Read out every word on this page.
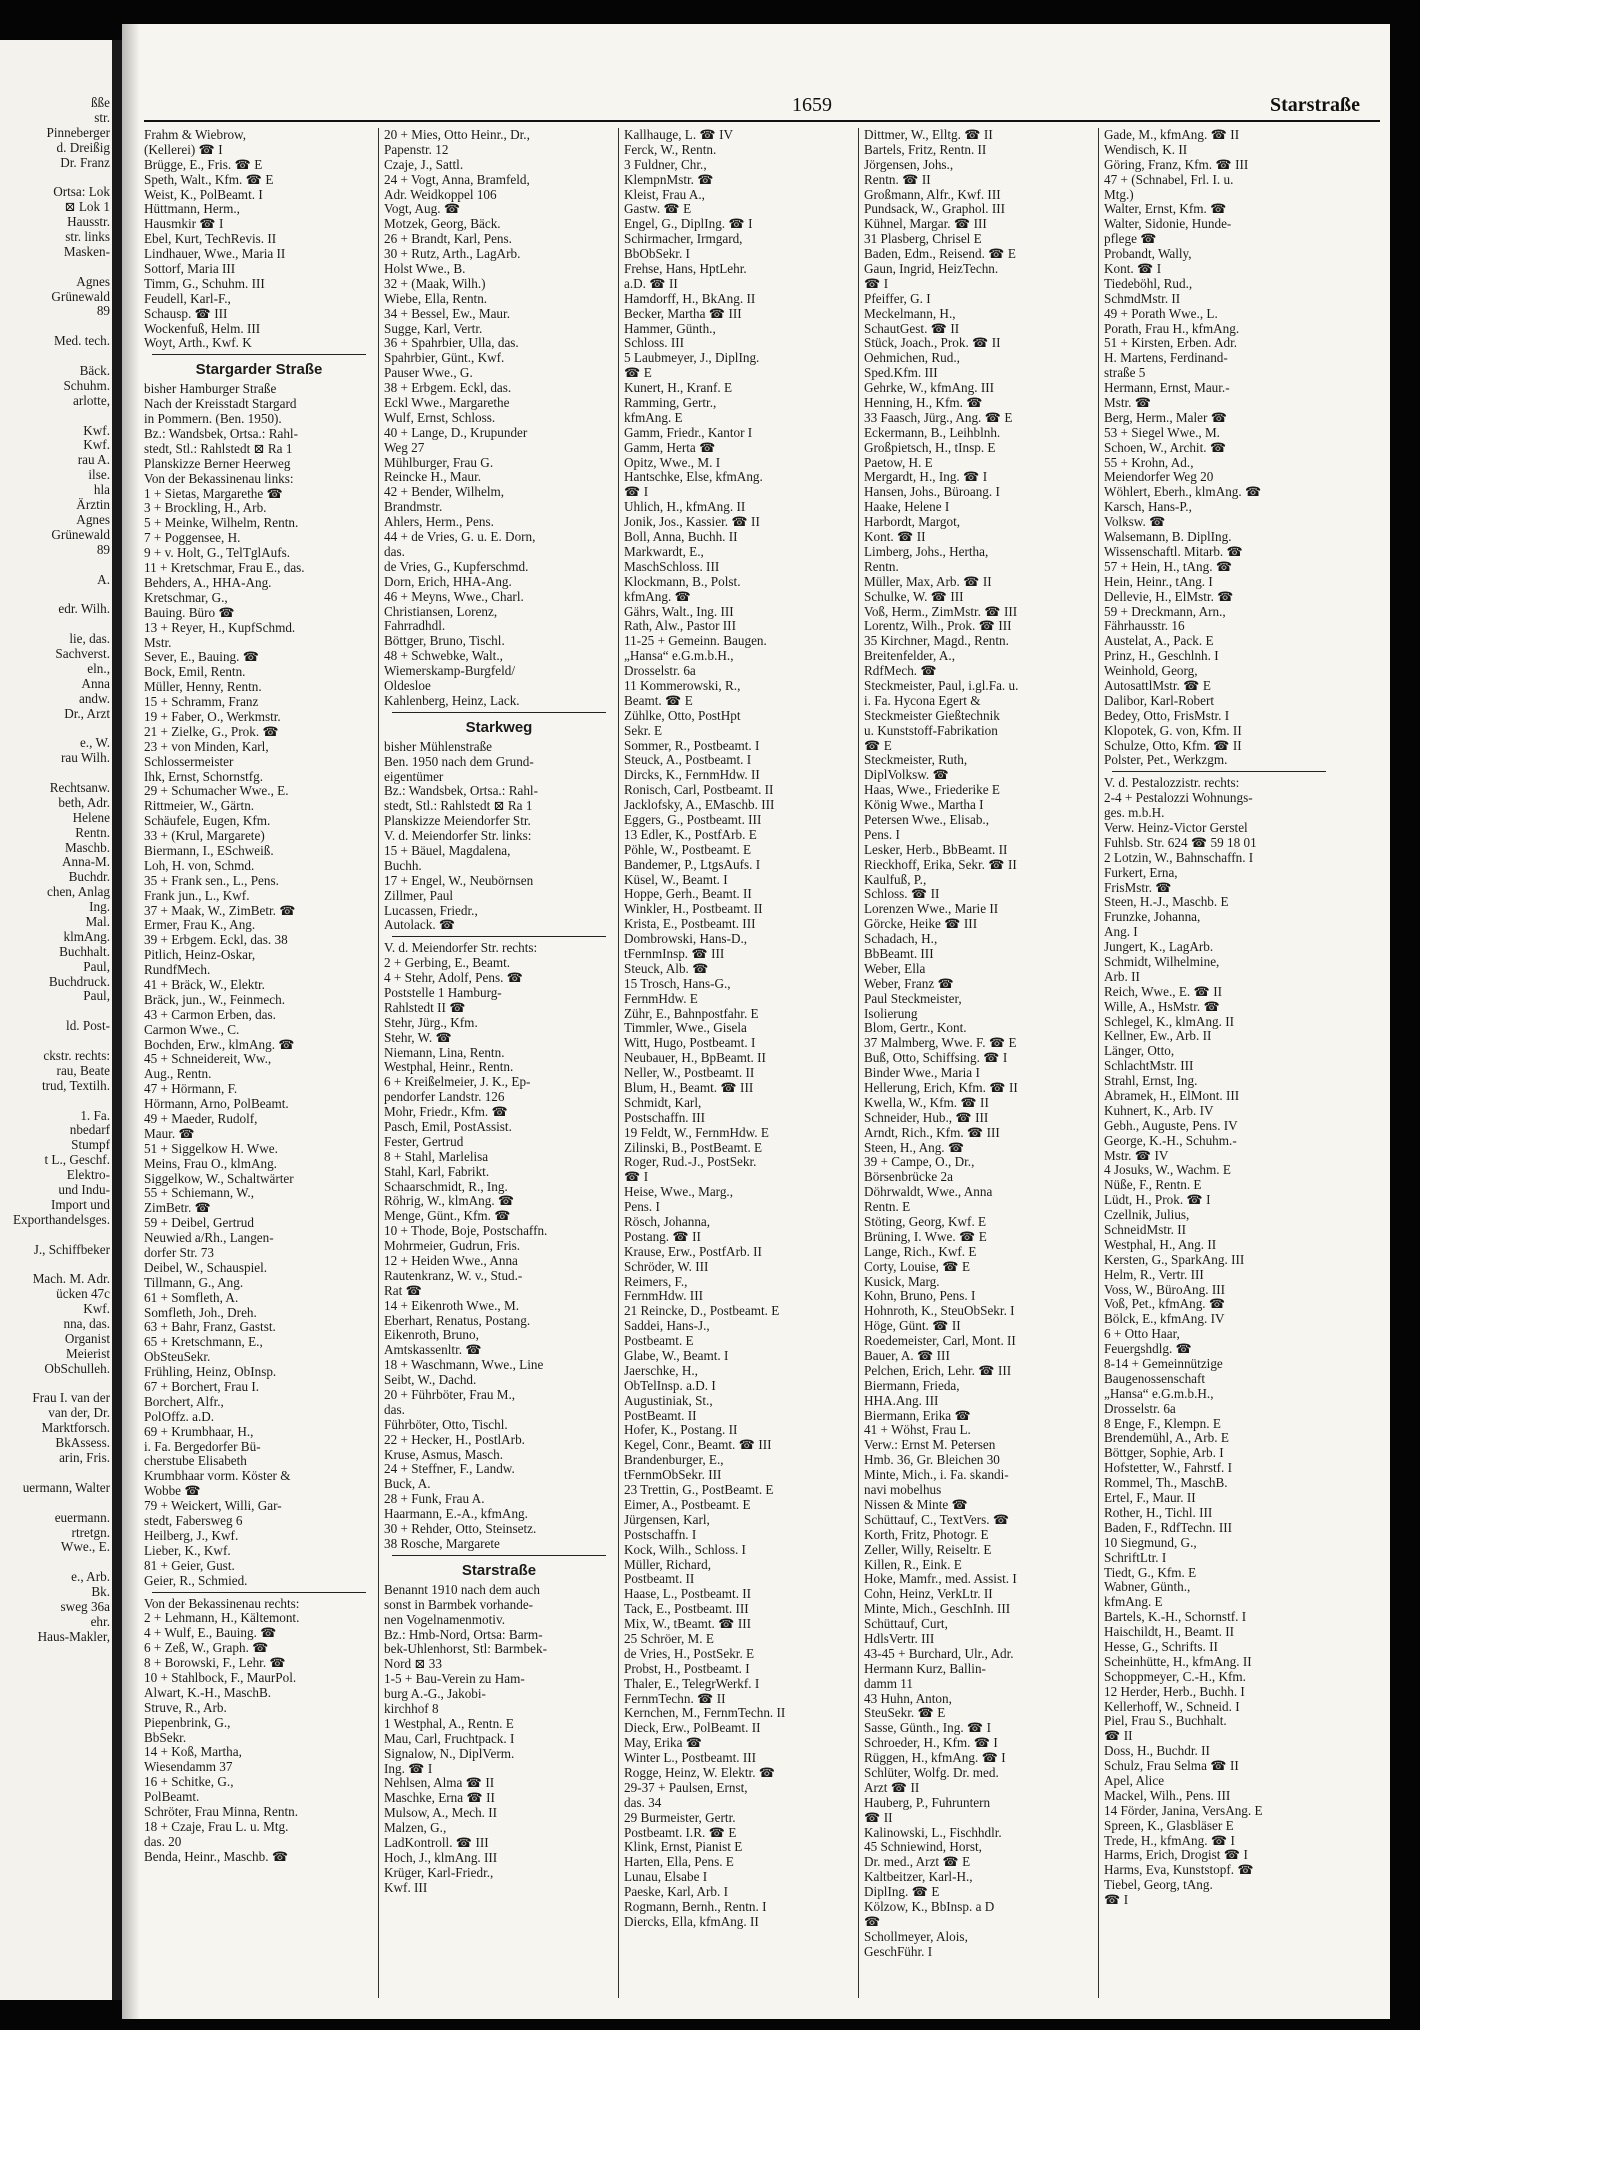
ßße
str.
Pinneberger
d. Dreißig
Dr. Franz
Ortsa: Lok
⊠ Lok 1
Hausstr.
str. links
Masken-
Agnes
Grünewald
89
Med. tech.
Bäck.
Schuhm.
arlotte,
Kwf.
Kwf.
rau A.
ilse.
hla
Ärztin
Agnes
Grünewald
89
A.
edr. Wilh.
lie, das.
Sachverst.
eln.,
Anna
andw.
Dr., Arzt
e., W.
rau Wilh.
Rechtsanw.
beth, Adr.
Helene
Rentn.
Maschb.
Anna-M.
Buchdr.
chen, Anlag
Ing.
Mal.
klmAng.
Buchhalt.
Paul,
Buchdruck.
Paul,
ld. Post-
ckstr. rechts:
rau, Beate
trud, Textilh.
1. Fa.
nbedarf
Stumpf
t L., Geschf.
Elektro-
und Indu-
Import und
Exporthandelsges.
J., Schiffbeker
Mach. M. Adr.
ücken 47c
Kwf.
nna, das.
Organist
Meierist
ObSchulleh.
Frau I. van der
van der, Dr.
Marktforsch.
BkAssess.
arin, Fris.
uermann, Walter
euermann.
rtretgn.
Wwe., E.
e., Arb.
Bk.
sweg 36a
ehr.
Haus-Makler,
1659	Starstraße
Frahm & Wiebrow,
(Kellerei) ☎ I
Brügge, E., Fris. ☎ E
Speth, Walt., Kfm. ☎ E
Weist, K., PolBeamt. I
Hüttmann, Herm.,
Hausmkir ☎ I
Ebel, Kurt, TechRevis. II
Lindhauer, Wwe., Maria II
Sottorf, Maria III
Timm, G., Schuhm. III
Feudell, Karl-F.,
Schausp. ☎ III
Wockenfuß, Helm. III
Woyt, Arth., Kwf. K
Stargarder Straße
bisher Hamburger Straße
Nach der Kreisstadt Stargard
in Pommern. (Ben. 1950).
Bz.: Wandsbek, Ortsa.: Rahl-
stedt, Stl.: Rahlstedt ⊠ Ra 1
Planskizze Berner Heerweg
Von der Bekassinenau links:
1 + Sietas, Margarethe ☎
3 + Brockling, H., Arb.
5 + Meinke, Wilhelm, Rentn.
7 + Poggensee, H.
9 + v. Holt, G., TelTglAufs.
11 + Kretschmar, Frau E., das.
Behders, A., HHA-Ang.
Kretschmar, G.,
Bauing. Büro ☎
13 + Reyer, H., KupfSchmd.
Mstr.
Sever, E., Bauing. ☎
Bock, Emil, Rentn.
Müller, Henny, Rentn.
15 + Schramm, Franz
19 + Faber, O., Werkmstr.
21 + Zielke, G., Prok. ☎
23 + von Minden, Karl,
Schlossermeister
Ihk, Ernst, Schornstfg.
29 + Schumacher Wwe., E.
Rittmeier, W., Gärtn.
Schäufele, Eugen, Kfm.
33 + (Krul, Margarete)
Biermann, I., ESchweiß.
Loh, H. von, Schmd.
35 + Frank sen., L., Pens.
Frank jun., L., Kwf.
37 + Maak, W., ZimBetr. ☎
Ermer, Frau K., Ang.
39 + Erbgem. Eckl, das. 38
Pitlich, Heinz-Oskar,
RundfMech.
41 + Bräck, W., Elektr.
Bräck, jun., W., Feinmech.
43 + Carmon Erben, das.
Carmon Wwe., C.
Bochden, Erw., klmAng. ☎
45 + Schneidereit, Ww.,
Aug., Rentn.
47 + Hörmann, F.
Hörmann, Arno, PolBeamt.
49 + Maeder, Rudolf,
Maur. ☎
51 + Siggelkow H. Wwe.
Meins, Frau O., klmAng.
Siggelkow, W., Schaltwärter
55 + Schiemann, W.,
ZimBetr. ☎
59 + Deibel, Gertrud
Neuwied a/Rh., Langen-
dorfer Str. 73
Deibel, W., Schauspiel.
Tillmann, G., Ang.
61 + Somfleth, A.
Somfleth, Joh., Dreh.
63 + Bahr, Franz, Gastst.
65 + Kretschmann, E.,
ObSteuSekr.
Frühling, Heinz, ObInsp.
67 + Borchert, Frau I.
Borchert, Alfr.,
PolOffz. a.D.
69 + Krumbhaar, H.,
i. Fa. Bergedorfer Bü-
cherstube Elisabeth
Krumbhaar vorm. Köster &
Wobbe ☎
79 + Weickert, Willi, Gar-
stedt, Fabersweg 6
Heilberg, J., Kwf.
Lieber, K., Kwf.
81 + Geier, Gust.
Geier, R., Schmied.
Von der Bekassinenau rechts:
2 + Lehmann, H., Kältemont.
4 + Wulf, E., Bauing. ☎
6 + Zeß, W., Graph. ☎
8 + Borowski, F., Lehr. ☎
10 + Stahlbock, F., MaurPol.
Alwart, K.-H., MaschB.
Struve, R., Arb.
Piepenbrink, G.,
BbSekr.
14 + Koß, Martha,
Wiesendamm 37
16 + Schitke, G.,
PolBeamt.
Schröter, Frau Minna, Rentn.
18 + Czaje, Frau L. u. Mtg.
das. 20
Benda, Heinr., Maschb. ☎
20 + Mies, Otto Heinr., Dr.,
Papenstr. 12
Czaje, J., Sattl.
24 + Vogt, Anna, Bramfeld,
Adr. Weidkoppel 106
Vogt, Aug. ☎
Motzek, Georg, Bäck.
26 + Brandt, Karl, Pens.
30 + Rutz, Arth., LagArb.
Holst Wwe., B.
32 + (Maak, Wilh.)
Wiebe, Ella, Rentn.
34 + Bessel, Ew., Maur.
Sugge, Karl, Vertr.
36 + Spahrbier, Ulla, das.
Spahrbier, Günt., Kwf.
Pauser Wwe., G.
38 + Erbgem. Eckl, das.
Eckl Wwe., Margarethe
Wulf, Ernst, Schloss.
40 + Lange, D., Krupunder
Weg 27
Mühlburger, Frau G.
Reincke H., Maur.
42 + Bender, Wilhelm,
Brandmstr.
Ahlers, Herm., Pens.
44 + de Vries, G. u. E. Dorn,
das.
de Vries, G., Kupferschmd.
Dorn, Erich, HHA-Ang.
46 + Meyns, Wwe., Charl.
Christiansen, Lorenz,
Fahrradhdl.
Böttger, Bruno, Tischl.
48 + Schwebke, Walt.,
Wiemerskamp-Burgfeld/
Oldesloe
Kahlenberg, Heinz, Lack.
Starkweg
bisher Mühlenstraße
Ben. 1950 nach dem Grund-
eigentümer
Bz.: Wandsbek, Ortsa.: Rahl-
stedt, Stl.: Rahlstedt ⊠ Ra 1
Planskizze Meiendorfer Str.
V. d. Meiendorfer Str. links:
15 + Bäuel, Magdalena,
Buchh.
17 + Engel, W., Neubörnsen
Zillmer, Paul
Lucassen, Friedr.,
Autolack. ☎
V. d. Meiendorfer Str. rechts:
2 + Gerbing, E., Beamt.
4 + Stehr, Adolf, Pens. ☎
Poststelle 1 Hamburg-
Rahlstedt II ☎
Stehr, Jürg., Kfm.
Stehr, W. ☎
Niemann, Lina, Rentn.
Westphal, Heinr., Rentn.
6 + Kreißelmeier, J. K., Ep-
pendorfer Landstr. 126
Mohr, Friedr., Kfm. ☎
Pasch, Emil, PostAssist.
Fester, Gertrud
8 + Stahl, Marlelisa
Stahl, Karl, Fabrikt.
Schaarschmidt, R., Ing.
Röhrig, W., klmAng. ☎
Menge, Günt., Kfm. ☎
10 + Thode, Boje, Postschaffn.
Mohrmeier, Gudrun, Fris.
12 + Heiden Wwe., Anna
Rautenkranz, W. v., Stud.-
Rat ☎
14 + Eikenroth Wwe., M.
Eberhart, Renatus, Postang.
Eikenroth, Bruno,
Amtskassenltr. ☎
18 + Waschmann, Wwe., Line
Seibt, W., Dachd.
20 + Führböter, Frau M.,
das.
Führböter, Otto, Tischl.
22 + Hecker, H., PostlArb.
Kruse, Asmus, Masch.
24 + Steffner, F., Landw.
Buck, A.
28 + Funk, Frau A.
Haarmann, E.-A., kfmAng.
30 + Rehder, Otto, Steinsetz.
38 Rosche, Margarete
Starstraße
Benannt 1910 nach dem auch
sonst in Barmbek vorhande-
nen Vogelnamenmotiv.
Bz.: Hmb-Nord, Ortsa: Barm-
bek-Uhlenhorst, Stl: Barmbek-
Nord ⊠ 33
1-5 + Bau-Verein zu Ham-
burg A.-G., Jakobi-
kirchhof 8
1 Westphal, A., Rentn. E
Mau, Carl, Fruchtpack. I
Signalow, N., DiplVerm.
Ing. ☎ I
Nehlsen, Alma ☎ II
Maschke, Erna ☎ II
Mulsow, A., Mech. II
Malzen, G.,
LadKontroll. ☎ III
Hoch, J., klmAng. III
Krüger, Karl-Friedr.,
Kwf. III
Kallhauge, L. ☎ IV
Ferck, W., Rentn.
3 Fuldner, Chr.,
KlempnMstr. ☎
Kleist, Frau A.,
Gastw. ☎ E
Engel, G., DiplIng. ☎ I
Schirmacher, Irmgard,
BbObSekr. I
Frehse, Hans, HptLehr.
a.D. ☎ II
Hamdorff, H., BkAng. II
Becker, Martha ☎ III
Hammer, Günth.,
Schloss. III
5 Laubmeyer, J., DiplIng.
☎ E
Kunert, H., Kranf. E
Ramming, Gertr.,
kfmAng. E
Gamm, Friedr., Kantor I
Gamm, Herta ☎
Opitz, Wwe., M. I
Hantschke, Else, kfmAng.
☎ I
Uhlich, H., kfmAng. II
Jonik, Jos., Kassier. ☎ II
Boll, Anna, Buchh. II
Markwardt, E.,
MaschSchloss. III
Klockmann, B., Polst.
kfmAng. ☎
Gährs, Walt., Ing. III
Rath, Alw., Pastor III
11-25 + Gemeinn. Baugen.
„Hansa“ e.G.m.b.H.,
Drosselstr. 6a
11 Kommerowski, R.,
Beamt. ☎ E
Zühlke, Otto, PostHpt
Sekr. E
Sommer, R., Postbeamt. I
Steuck, A., Postbeamt. I
Dircks, K., FernmHdw. II
Ronisch, Carl, Postbeamt. II
Jacklofsky, A., EMaschb. III
Eggers, G., Postbeamt. III
13 Edler, K., PostfArb. E
Pöhle, W., Postbeamt. E
Bandemer, P., LtgsAufs. I
Küsel, W., Beamt. I
Hoppe, Gerh., Beamt. II
Winkler, H., Postbeamt. II
Krista, E., Postbeamt. III
Dombrowski, Hans-D.,
tFernmInsp. ☎ III
Steuck, Alb. ☎
15 Trosch, Hans-G.,
FernmHdw. E
Zühr, E., Bahnpostfahr. E
Timmler, Wwe., Gisela
Witt, Hugo, Postbeamt. I
Neubauer, H., BpBeamt. II
Neller, W., Postbeamt. II
Blum, H., Beamt. ☎ III
Schmidt, Karl,
Postschaffn. III
19 Feldt, W., FernmHdw. E
Zilinski, B., PostBeamt. E
Roger, Rud.-J., PostSekr.
☎ I
Heise, Wwe., Marg.,
Pens. I
Rösch, Johanna,
Postang. ☎ II
Krause, Erw., PostfArb. II
Schröder, W. III
Reimers, F.,
FernmHdw. III
21 Reincke, D., Postbeamt. E
Saddei, Hans-J.,
Postbeamt. E
Glabe, W., Beamt. I
Jaerschke, H.,
ObTelInsp. a.D. I
Augustiniak, St.,
PostBeamt. II
Hofer, K., Postang. II
Kegel, Conr., Beamt. ☎ III
Brandenburger, E.,
tFernmObSekr. III
23 Trettin, G., PostBeamt. E
Eimer, A., Postbeamt. E
Jürgensen, Karl,
Postschaffn. I
Kock, Wilh., Schloss. I
Müller, Richard,
Postbeamt. II
Haase, L., Postbeamt. II
Tack, E., Postbeamt. III
Mix, W., tBeamt. ☎ III
25 Schröer, M. E
de Vries, H., PostSekr. E
Probst, H., Postbeamt. I
Thaler, E., TelegrWerkf. I
FernmTechn. ☎ II
Kernchen, M., FernmTechn. II
Dieck, Erw., PolBeamt. II
May, Erika ☎
Winter L., Postbeamt. III
Rogge, Heinz, W. Elektr. ☎
29-37 + Paulsen, Ernst,
das. 34
29 Burmeister, Gertr.
Postbeamt. I.R. ☎ E
Klink, Ernst, Pianist E
Harten, Ella, Pens. E
Lunau, Elsabe I
Paeske, Karl, Arb. I
Rogmann, Bernh., Rentn. I
Diercks, Ella, kfmAng. II
Dittmer, W., Elltg. ☎ II
Bartels, Fritz, Rentn. II
Jörgensen, Johs.,
Rentn. ☎ II
Großmann, Alfr., Kwf. III
Pundsack, W., Graphol. III
Kühnel, Margar. ☎ III
31 Plasberg, Chrisel E
Baden, Edm., Reisend. ☎ E
Gaun, Ingrid, HeizTechn.
☎ I
Pfeiffer, G. I
Meckelmann, H.,
SchautGest. ☎ II
Stück, Joach., Prok. ☎ II
Oehmichen, Rud.,
Sped.Kfm. III
Gehrke, W., kfmAng. III
Henning, H., Kfm. ☎
33 Faasch, Jürg., Ang. ☎ E
Eckermann, B., Leihblnh.
Großpietsch, H., tInsp. E
Paetow, H. E
Mergardt, H., Ing. ☎ I
Hansen, Johs., Büroang. I
Haake, Helene I
Harbordt, Margot,
Kont. ☎ II
Limberg, Johs., Hertha,
Rentn.
Müller, Max, Arb. ☎ II
Schulke, W. ☎ III
Voß, Herm., ZimMstr. ☎ III
Lorentz, Wilh., Prok. ☎ III
35 Kirchner, Magd., Rentn.
Breitenfelder, A.,
RdfMech. ☎
Steckmeister, Paul, i.gl.Fa. u.
i. Fa. Hycona Egert &
Steckmeister Gießtechnik
u. Kunststoff-Fabrikation
☎ E
Steckmeister, Ruth,
DiplVolksw. ☎
Haas, Wwe., Friederike E
König Wwe., Martha I
Petersen Wwe., Elisab.,
Pens. I
Lesker, Herb., BbBeamt. II
Rieckhoff, Erika, Sekr. ☎ II
Kaulfuß, P.,
Schloss. ☎ II
Lorenzen Wwe., Marie II
Görcke, Heike ☎ III
Schadach, H.,
BbBeamt. III
Weber, Ella
Weber, Franz ☎
Paul Steckmeister,
Isolierung
Blom, Gertr., Kont.
37 Malmberg, Wwe. F. ☎ E
Buß, Otto, Schiffsing. ☎ I
Binder Wwe., Maria I
Hellerung, Erich, Kfm. ☎ II
Kwella, W., Kfm. ☎ II
Schneider, Hub., ☎ III
Arndt, Rich., Kfm. ☎ III
Steen, H., Ang. ☎
39 + Campe, O., Dr.,
Börsenbrücke 2a
Döhrwaldt, Wwe., Anna
Rentn. E
Stöting, Georg, Kwf. E
Brüning, I. Wwe. ☎ E
Lange, Rich., Kwf. E
Corty, Louise, ☎ E
Kusick, Marg.
Kohn, Bruno, Pens. I
Hohnroth, K., SteuObSekr. I
Höge, Günt. ☎ II
Roedemeister, Carl, Mont. II
Bauer, A. ☎ III
Pelchen, Erich, Lehr. ☎ III
Biermann, Frieda,
HHA.Ang. III
Biermann, Erika ☎
41 + Wöhst, Frau L.
Verw.: Ernst M. Petersen
Hmb. 36, Gr. Bleichen 30
Minte, Mich., i. Fa. skandi-
navi mobelhus
Nissen & Minte ☎
Schüttauf, C., TextVers. ☎
Korth, Fritz, Photogr. E
Zeller, Willy, Reiseltr. E
Killen, R., Eink. E
Hoke, Mamfr., med. Assist. I
Cohn, Heinz, VerkLtr. II
Minte, Mich., GeschInh. III
Schüttauf, Curt,
HdlsVertr. III
43-45 + Burchard, Ulr., Adr.
Hermann Kurz, Ballin-
damm 11
43 Huhn, Anton,
SteuSekr. ☎ E
Sasse, Günth., Ing. ☎ I
Schroeder, H., Kfm. ☎ I
Rüggen, H., kfmAng. ☎ I
Schlüter, Wolfg. Dr. med.
Arzt ☎ II
Hauberg, P., Fuhruntern
☎ II
Kalinowski, L., Fischhdlr.
45 Schniewind, Horst,
Dr. med., Arzt ☎ E
Kaltbeitzer, Karl-H.,
DiplIng. ☎ E
Kölzow, K., BbInsp. a D
☎
Schollmeyer, Alois,
GeschFühr. I
Gade, M., kfmAng. ☎ II
Wendisch, K. II
Göring, Franz, Kfm. ☎ III
47 + (Schnabel, Frl. I. u.
Mtg.)
Walter, Ernst, Kfm. ☎
Walter, Sidonie, Hunde-
pflege ☎
Probandt, Wally,
Kont. ☎ I
Tiedeböhl, Rud.,
SchmdMstr. II
49 + Porath Wwe., L.
Porath, Frau H., kfmAng.
51 + Kirsten, Erben. Adr.
H. Martens, Ferdinand-
straße 5
Hermann, Ernst, Maur.-
Mstr. ☎
Berg, Herm., Maler ☎
53 + Siegel Wwe., M.
Schoen, W., Archit. ☎
55 + Krohn, Ad.,
Meiendorfer Weg 20
Wöhlert, Eberh., klmAng. ☎
Karsch, Hans-P.,
Volksw. ☎
Walsemann, B. DiplIng.
Wissenschaftl. Mitarb. ☎
57 + Hein, H., tAng. ☎
Hein, Heinr., tAng. I
Dellevie, H., ElMstr. ☎
59 + Dreckmann, Arn.,
Fährhausstr. 16
Austelat, A., Pack. E
Prinz, H., Geschlnh. I
Weinhold, Georg,
AutosattlMstr. ☎ E
Dalibor, Karl-Robert
Bedey, Otto, FrisMstr. I
Klopotek, G. von, Kfm. II
Schulze, Otto, Kfm. ☎ II
Polster, Pet., Werkzgm.
V. d. Pestalozzistr. rechts:
2-4 + Pestalozzi Wohnungs-
ges. m.b.H.
Verw. Heinz-Victor Gerstel
Fuhlsb. Str. 624 ☎ 59 18 01
2 Lotzin, W., Bahnschaffn. I
Furkert, Erna,
FrisMstr. ☎
Steen, H.-J., Maschb. E
Frunzke, Johanna,
Ang. I
Jungert, K., LagArb.
Schmidt, Wilhelmine,
Arb. II
Reich, Wwe., E. ☎ II
Wille, A., HsMstr. ☎
Schlegel, K., klmAng. II
Kellner, Ew., Arb. II
Länger, Otto,
SchlachtMstr. III
Strahl, Ernst, Ing.
Abramek, H., ElMont. III
Kuhnert, K., Arb. IV
Gebh., Auguste, Pens. IV
George, K.-H., Schuhm.-
Mstr. ☎ IV
4 Josuks, W., Wachm. E
Nüße, F., Rentn. E
Lüdt, H., Prok. ☎ I
Czellnik, Julius,
SchneidMstr. II
Westphal, H., Ang. II
Kersten, G., SparkAng. III
Helm, R., Vertr. III
Voss, W., BüroAng. III
Voß, Pet., kfmAng. ☎
Bölck, E., kfmAng. IV
6 + Otto Haar,
Feuergshdlg. ☎
8-14 + Gemeinnützige
Baugenossenschaft
„Hansa“ e.G.m.b.H.,
Drosselstr. 6a
8 Enge, F., Klempn. E
Brendemühl, A., Arb. E
Böttger, Sophie, Arb. I
Hofstetter, W., Fahrstf. I
Rommel, Th., MaschB.
Ertel, F., Maur. II
Rother, H., Tichl. III
Baden, F., RdfTechn. III
10 Siegmund, G.,
SchriftLtr. I
Tiedt, G., Kfm. E
Wabner, Günth.,
kfmAng. E
Bartels, K.-H., Schornstf. I
Haischildt, H., Beamt. II
Hesse, G., Schrifts. II
Scheinhütte, H., kfmAng. II
Schoppmeyer, C.-H., Kfm.
12 Herder, Herb., Buchh. I
Kellerhoff, W., Schneid. I
Piel, Frau S., Buchhalt.
☎ II
Doss, H., Buchdr. II
Schulz, Frau Selma ☎ II
Apel, Alice
Mackel, Wilh., Pens. III
14 Förder, Janina, VersAng. E
Spreen, K., Glasbläser E
Trede, H., kfmAng. ☎ I
Harms, Erich, Drogist ☎ I
Harms, Eva, Kunststopf. ☎
Tiebel, Georg, tAng.
☎ I
